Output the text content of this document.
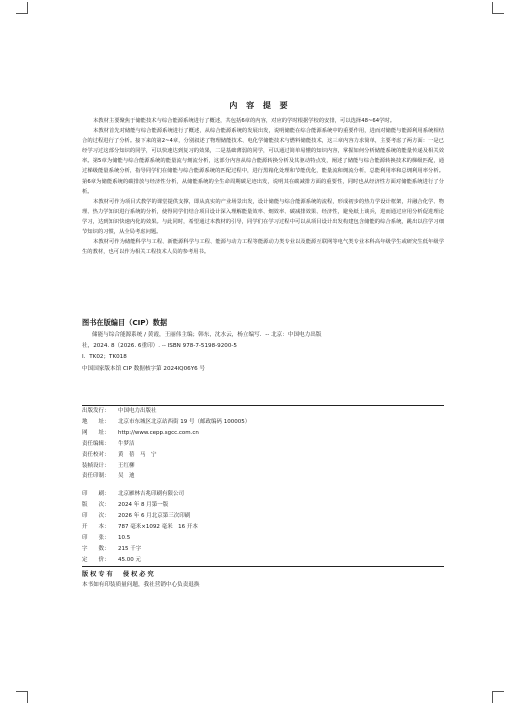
内 容 提 要

本教材主要聚焦于储能技术与综合能源系统进行了概述，共包括6章的内容，对应的学时根据学校的安排，可以选择48~64学时。

本教材首先对储能与综合能源系统进行了概述，从综合能源系统的发展出发，说明储能在综合能源系统中的重要作用，进而对储能与能源利用系统相结合的过程进行了分析。接下来的第2~4章，分别叙述了物理储能技术、电化学储能技术与燃料储能技术，这三章内容力求简单，主要考虑了两方面：一是已经学习过这部分知识的同学，可以快速达到复习的效果，二是基础薄弱的同学，可以通过简单易懂的知识内容，掌握如何分析储能系统的能量传递及相关效率。第5章为储能与综合能源系统的能量流与㶲流分析，这部分内容从综合能源转换分析及其驱动特点发，阐述了储能与综合能源转换技术的梯级匹配，通过梯级能量系统分析，指导同学们在储能与综合能源系统的匹配过程中，进行黑箱化处理和节能优化，能量流和㶲流分析，总能利用率和总㶲利用率分析。第6章为储能系统的碳排放与经济性分析，从储能系统的全生命周期碳足迹出发，说明其在碳减排方面的重要性，同时也从经济性方面对储能系统进行了分析。

本教材可作为项目式教学的课堂提供支撑，即从真实的产业场景出发，设计储能与综合能源系统的流程，形成初步的热力学设计框架，并融合化学、物理、热力学知识进行系统的分析，使得同学们结合项目设计深入理解能量效率、㶲效率、碳减排效果、经济性，避免纸上谈兵，进而通过应用分析促进理论学习，达到知识快速内化的效果。与此同时，希望通过本教材的引导，同学们在学习过程中可以从项目设计出发构建包含储能的综合系统，跳出以往学习细节知识的习惯，从全局考虑问题。

本教材可作为储能科学与工程、新能源科学与工程、能源与动力工程等能源动力类专业以及能源互联网等电气类专业本科高年级学生或研究生低年级学生的教材，也可以作为相关工程技术人员的参考用书。

图书在版编目（CIP）数据
储能与综合能源系统 / 黄霞，王丽伟主编；韩东，沈水云，杨立编写．-- 北京：中国电力出版
社，2024. 8（2026. 6重印）. -- ISBN 978-7-5198-9200-5
Ⅰ．TK02；TK018
中国国家版本馆 CIP 数据核字第 2024lQ06Y6 号
出版发行：	中国电力出版社
地　　址：	北京市东城区北京站西街 19 号（邮政编码 100005）
网　　址：	http://www.cepp.sgcc.com.cn
责任编辑：	牛梦洁
责任校对：	黄　蓓　马　宁
装帧设计：	王红柳
责任印制：	吴　迪
印　　刷：	北京雁林吉兆印刷有限公司
版　　次：	2024 年 8 月第一版
印　　次：	2026 年 6 月北京第三次印刷
开　　本：	787 毫米×1092 毫米　16 开本
印　　张：	10.5
字　　数：	215 千字
定　　价：	45.00 元
版权专有　侵权必究
本书如有印装质量问题，我社营销中心负责退换
